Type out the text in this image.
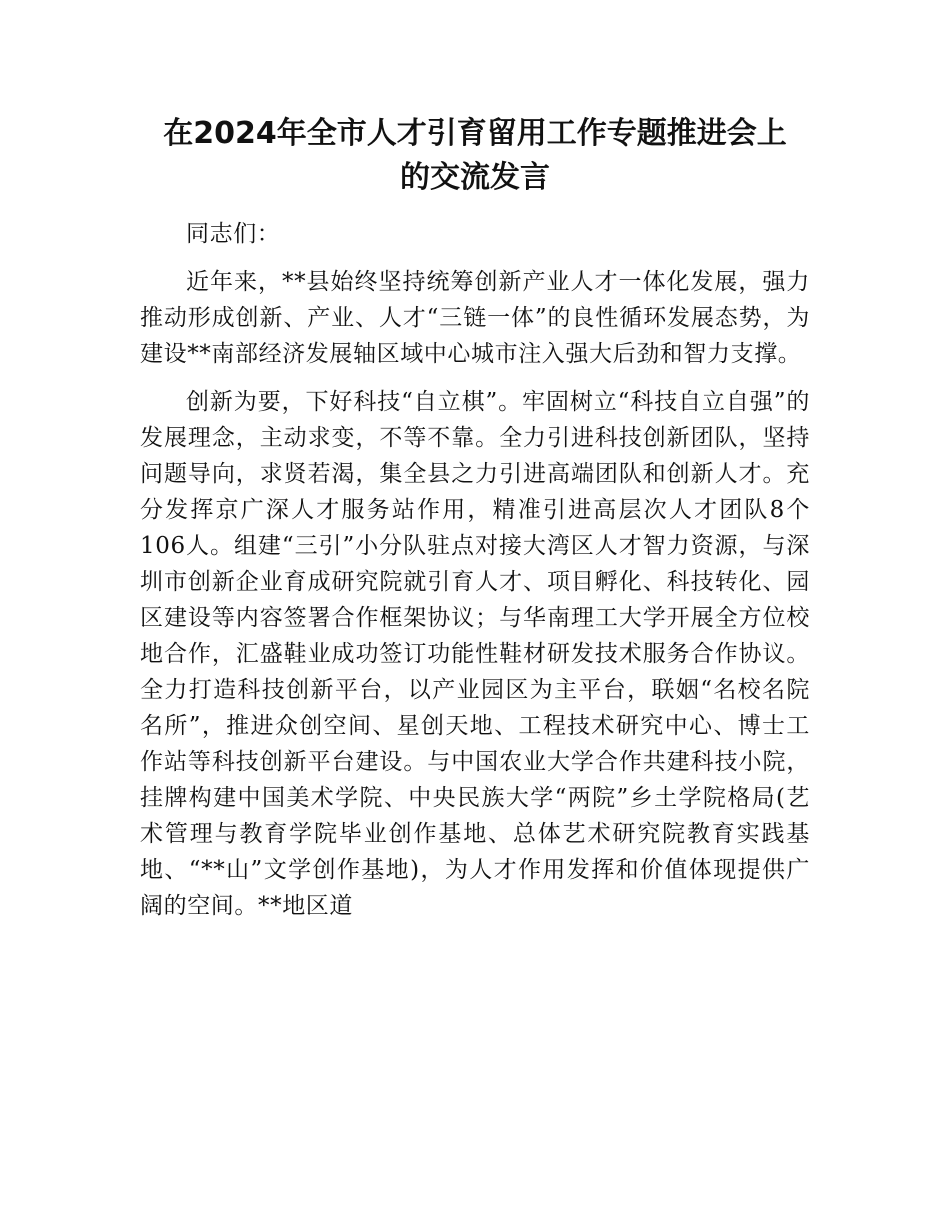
在2024年全市人才引育留用工作专题推进会上
的交流发言

同志们：

近年来，**县始终坚持统筹创新产业人才一体化发展，强力推动形成创新、产业、人才“三链一体”的良性循环发展态势，为建设**南部经济发展轴区域中心城市注入强大后劲和智力支撑。

创新为要，下好科技“自立棋”。牢固树立“科技自立自强”的发展理念，主动求变，不等不靠。全力引进科技创新团队，坚持问题导向，求贤若渴，集全县之力引进高端团队和创新人才。充分发挥京广深人才服务站作用，精准引进高层次人才团队8个106人。组建“三引”小分队驻点对接大湾区人才智力资源，与深圳市创新企业育成研究院就引育人才、项目孵化、科技转化、园区建设等内容签署合作框架协议；与华南理工大学开展全方位校地合作，汇盛鞋业成功签订功能性鞋材研发技术服务合作协议。全力打造科技创新平台，以产业园区为主平台，联姻“名校名院名所”，推进众创空间、星创天地、工程技术研究中心、博士工作站等科技创新平台建设。与中国农业大学合作共建科技小院，挂牌构建中国美术学院、中央民族大学“两院”乡土学院格局(艺术管理与教育学院毕业创作基地、总体艺术研究院教育实践基地、“**山”文学创作基地)，为人才作用发挥和价值体现提供广阔的空间。**地区道
